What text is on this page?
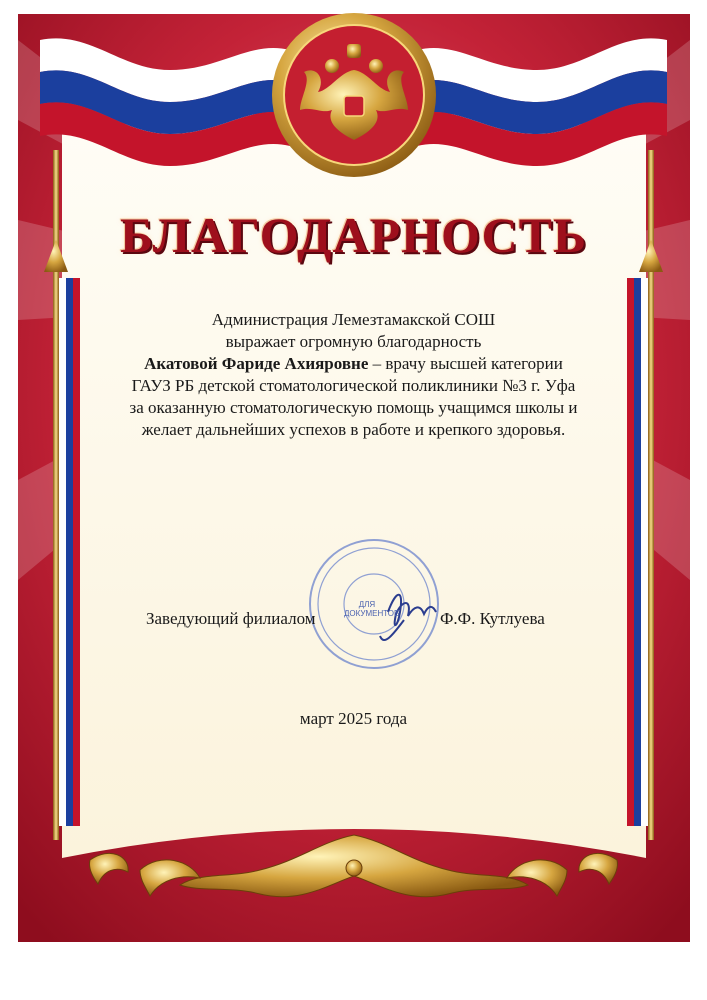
БЛАГОДАРНОСТЬ
Администрация Лемезтамакской СОШ
выражает огромную благодарность
Акатовой Фариде Ахияровне – врачу высшей категории
ГАУЗ РБ детской стоматологической поликлиники №3 г. Уфа
за оказанную стоматологическую помощь учащимся школы и
желает дальнейших успехов в работе и крепкого здоровья.
Заведующий филиалом
ДЛЯ ДОКУМЕНТОВ Ф.Ф. Кутлуева
март 2025 года
